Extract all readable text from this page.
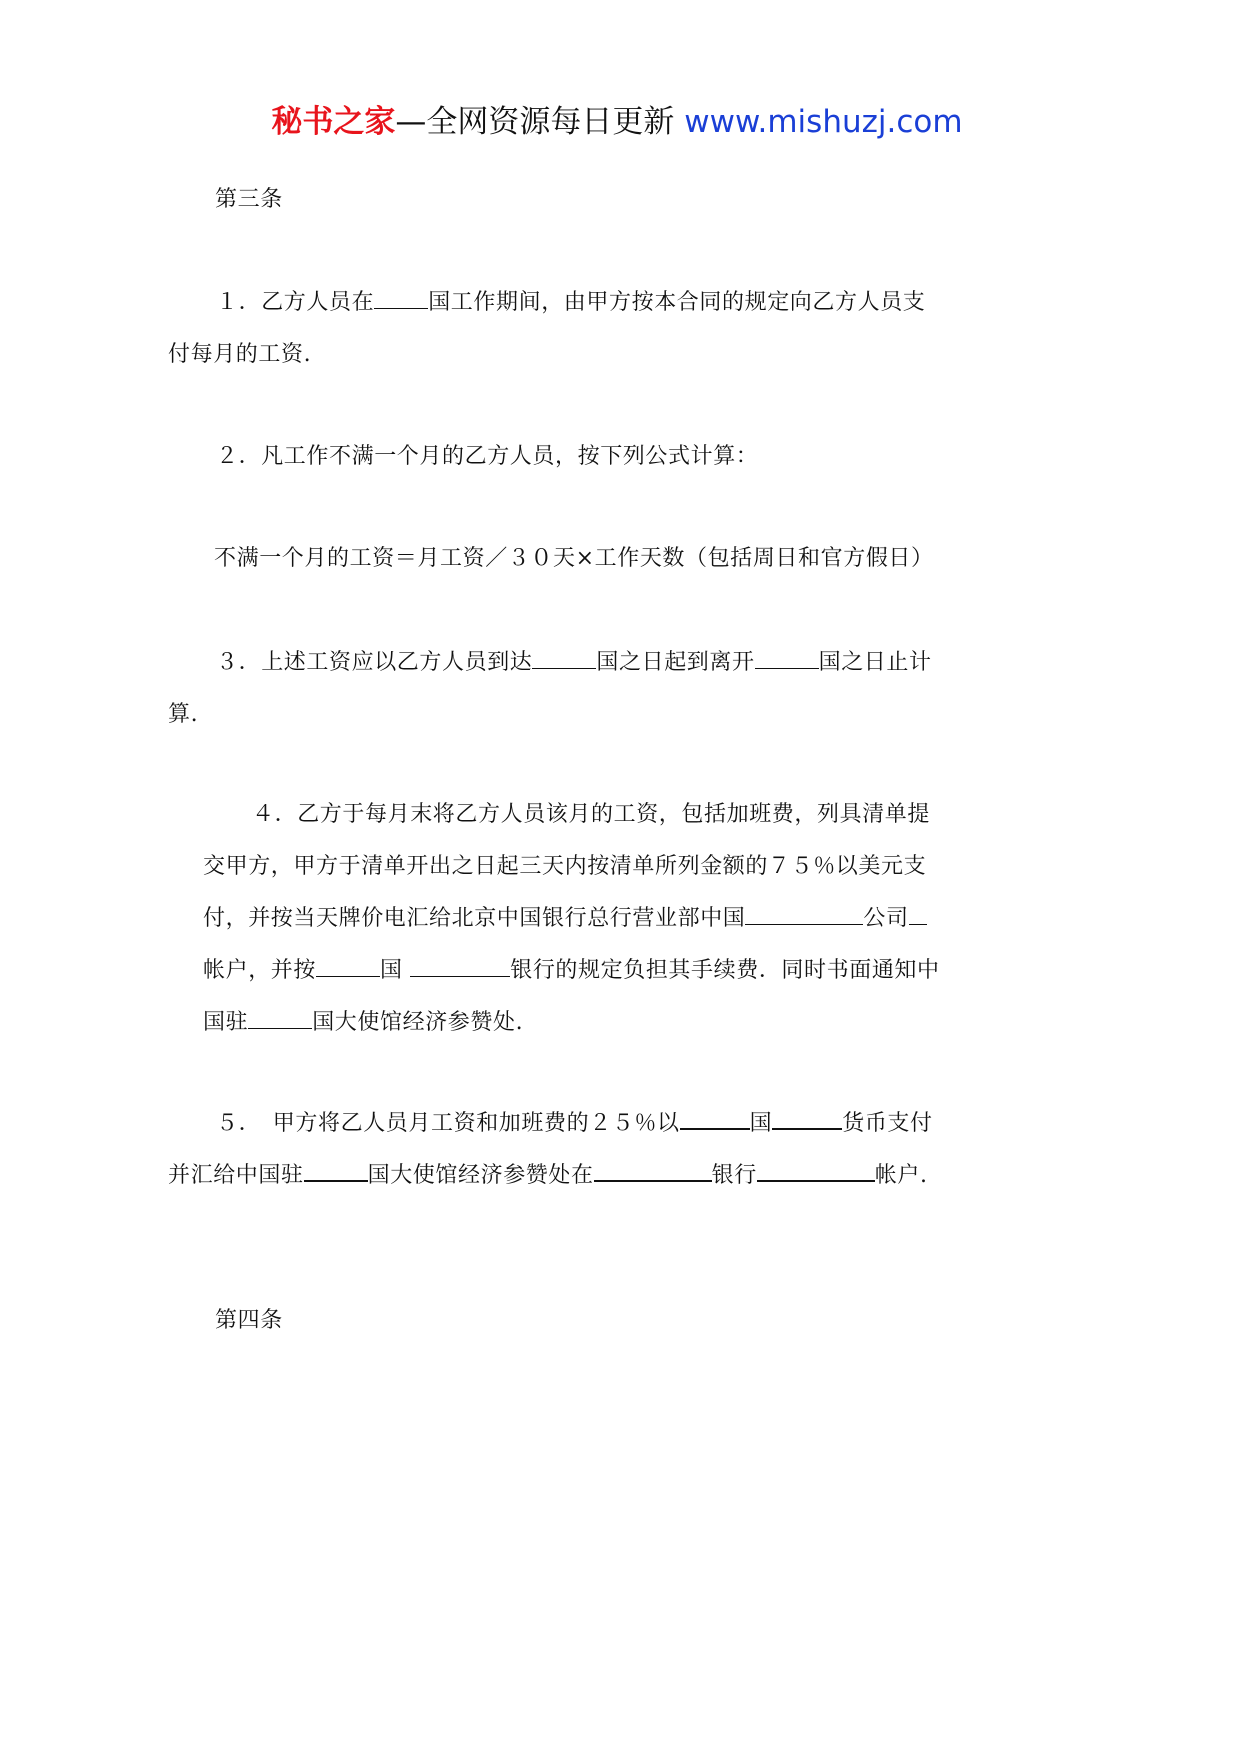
秘书之家—全网资源每日更新 www.mishuzj.com
第三条
１．乙方人员在 国工作期间，由甲方按本合同的规定向乙方人员支
付每月的工资.
２．凡工作不满一个月的乙方人员，按下列公式计算：
不满一个月的工资＝月工资／３０天×工作天数（包括周日和官方假日）
３．上述工资应以乙方人员到达	国之日起到离开	国之日止计
算.
４．乙方于每月末将乙方人员该月的工资，包括加班费，列具清单提
交甲方，甲方于清单开出之日起三天内按清单所列金额的７５％以美元支
付，并按当天牌价电汇给北京中国银行总行营业部中国	公司
帐户，并按	国	银行的规定负担其手续费．同时书面通知中
国驻	国大使馆经济参赞处.
５．　甲方将乙人员月工资和加班费的２５％以	国	货币支付
并汇给中国驻	国大使馆经济参赞处在	银行	帐户.
第四条
